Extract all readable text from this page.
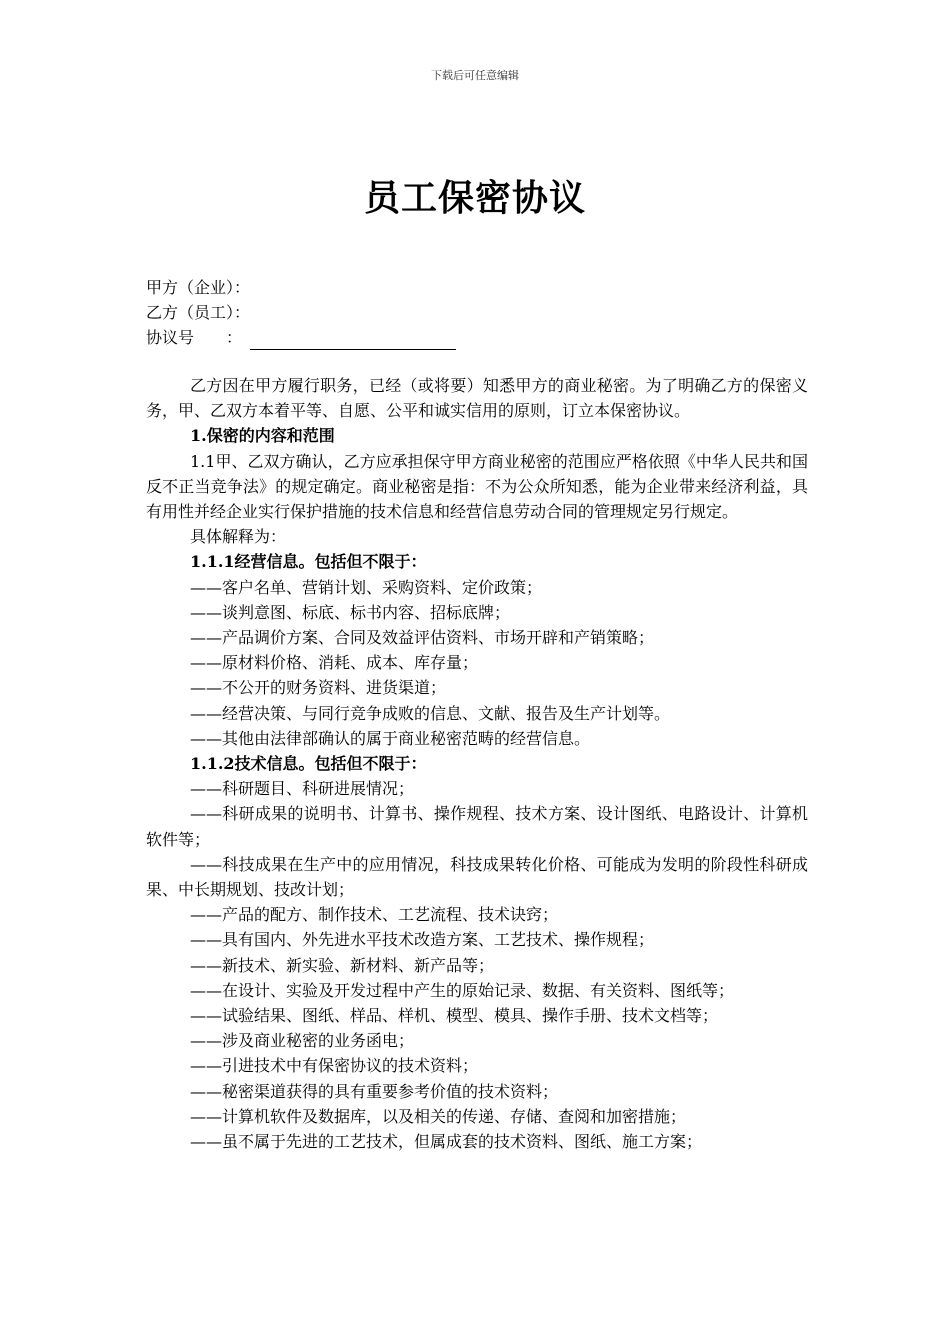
下载后可任意编辑
员工保密协议
甲方（企业）：
乙方（员工）：
协议号　　：

乙方因在甲方履行职务，已经（或将要）知悉甲方的商业秘密。为了明确乙方的保密义务，甲、乙双方本着平等、自愿、公平和诚实信用的原则，订立本保密协议。

1.保密的内容和范围

1.1甲、乙双方确认，乙方应承担保守甲方商业秘密的范围应严格依照《中华人民共和国反不正当竞争法》的规定确定。商业秘密是指：不为公众所知悉，能为企业带来经济利益，具有用性并经企业实行保护措施的技术信息和经营信息劳动合同的管理规定另行规定。

具体解释为：

1.1.1经营信息。包括但不限于：

——客户名单、营销计划、采购资料、定价政策；

——谈判意图、标底、标书内容、招标底牌；

——产品调价方案、合同及效益评估资料、市场开辟和产销策略；

——原材料价格、消耗、成本、库存量；

——不公开的财务资料、进货渠道；

——经营决策、与同行竞争成败的信息、文献、报告及生产计划等。

——其他由法律部确认的属于商业秘密范畴的经营信息。

1.1.2技术信息。包括但不限于：

——科研题目、科研进展情况；

——科研成果的说明书、计算书、操作规程、技术方案、设计图纸、电路设计、计算机软件等；

——科技成果在生产中的应用情况，科技成果转化价格、可能成为发明的阶段性科研成果、中长期规划、技改计划；

——产品的配方、制作技术、工艺流程、技术诀窍；

——具有国内、外先进水平技术改造方案、工艺技术、操作规程；

——新技术、新实验、新材料、新产品等；

——在设计、实验及开发过程中产生的原始记录、数据、有关资料、图纸等；

——试验结果、图纸、样品、样机、模型、模具、操作手册、技术文档等；

——涉及商业秘密的业务函电；

——引进技术中有保密协议的技术资料；

——秘密渠道获得的具有重要参考价值的技术资料；

——计算机软件及数据库，以及相关的传递、存储、查阅和加密措施；

——虽不属于先进的工艺技术，但属成套的技术资料、图纸、施工方案；
